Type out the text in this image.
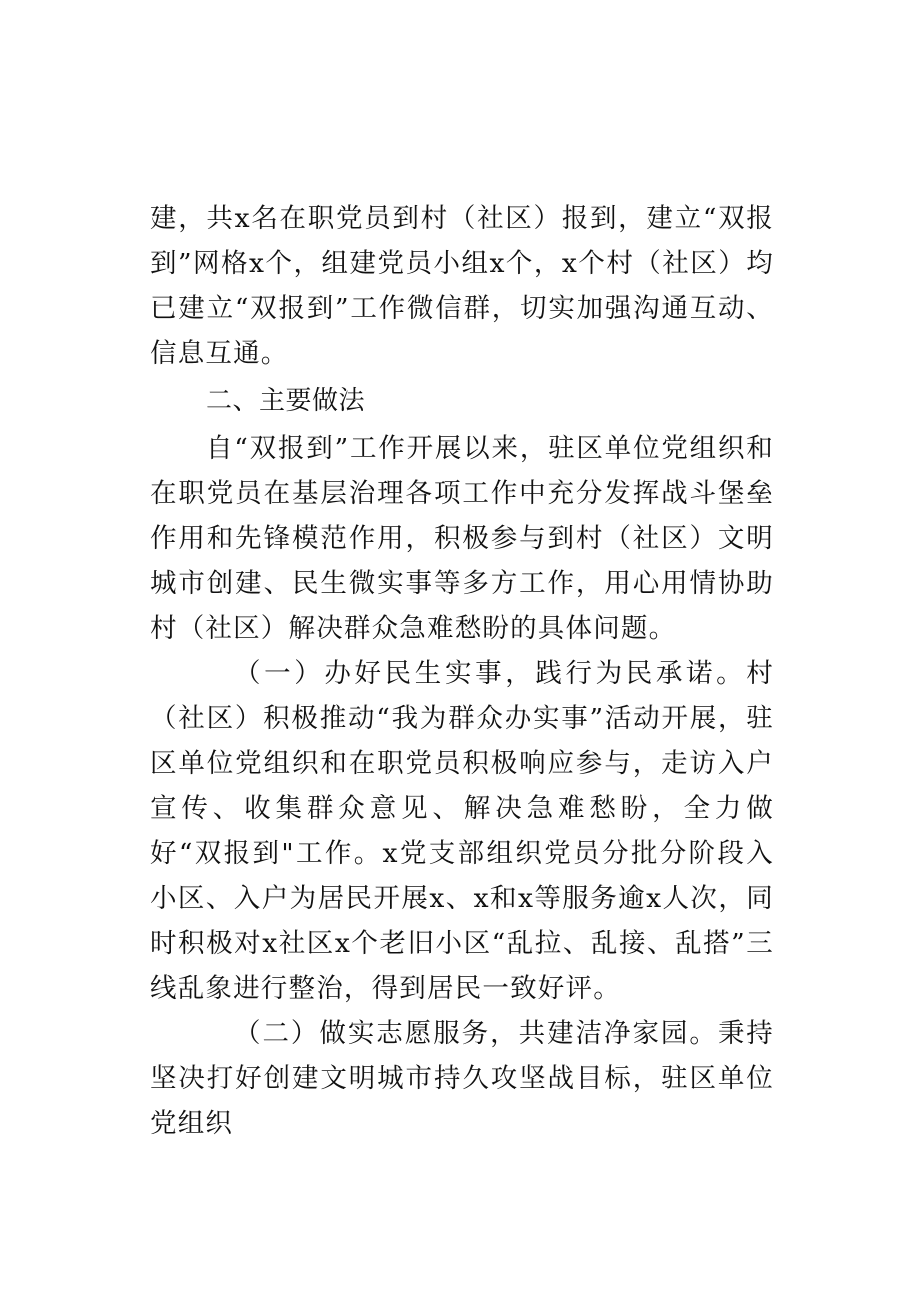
建，共x名在职党员到村（社区）报到，建立“双报到”网格x个，组建党员小组x个，x个村（社区）均已建立“双报到”工作微信群，切实加强沟通互动、信息互通。

二、主要做法

自“双报到”工作开展以来，驻区单位党组织和在职党员在基层治理各项工作中充分发挥战斗堡垒作用和先锋模范作用，积极参与到村（社区）文明城市创建、民生微实事等多方工作，用心用情协助村（社区）解决群众急难愁盼的具体问题。

（一）办好民生实事，践行为民承诺。村（社区）积极推动“我为群众办实事”活动开展，驻区单位党组织和在职党员积极响应参与，走访入户宣传、收集群众意见、解决急难愁盼，全力做好“双报到"工作。x党支部组织党员分批分阶段入小区、入户为居民开展x、x和x等服务逾x人次，同时积极对x社区x个老旧小区“乱拉、乱接、乱搭”三线乱象进行整治，得到居民一致好评。

（二）做实志愿服务，共建洁净家园。秉持坚决打好创建文明城市持久攻坚战目标，驻区单位党组织
